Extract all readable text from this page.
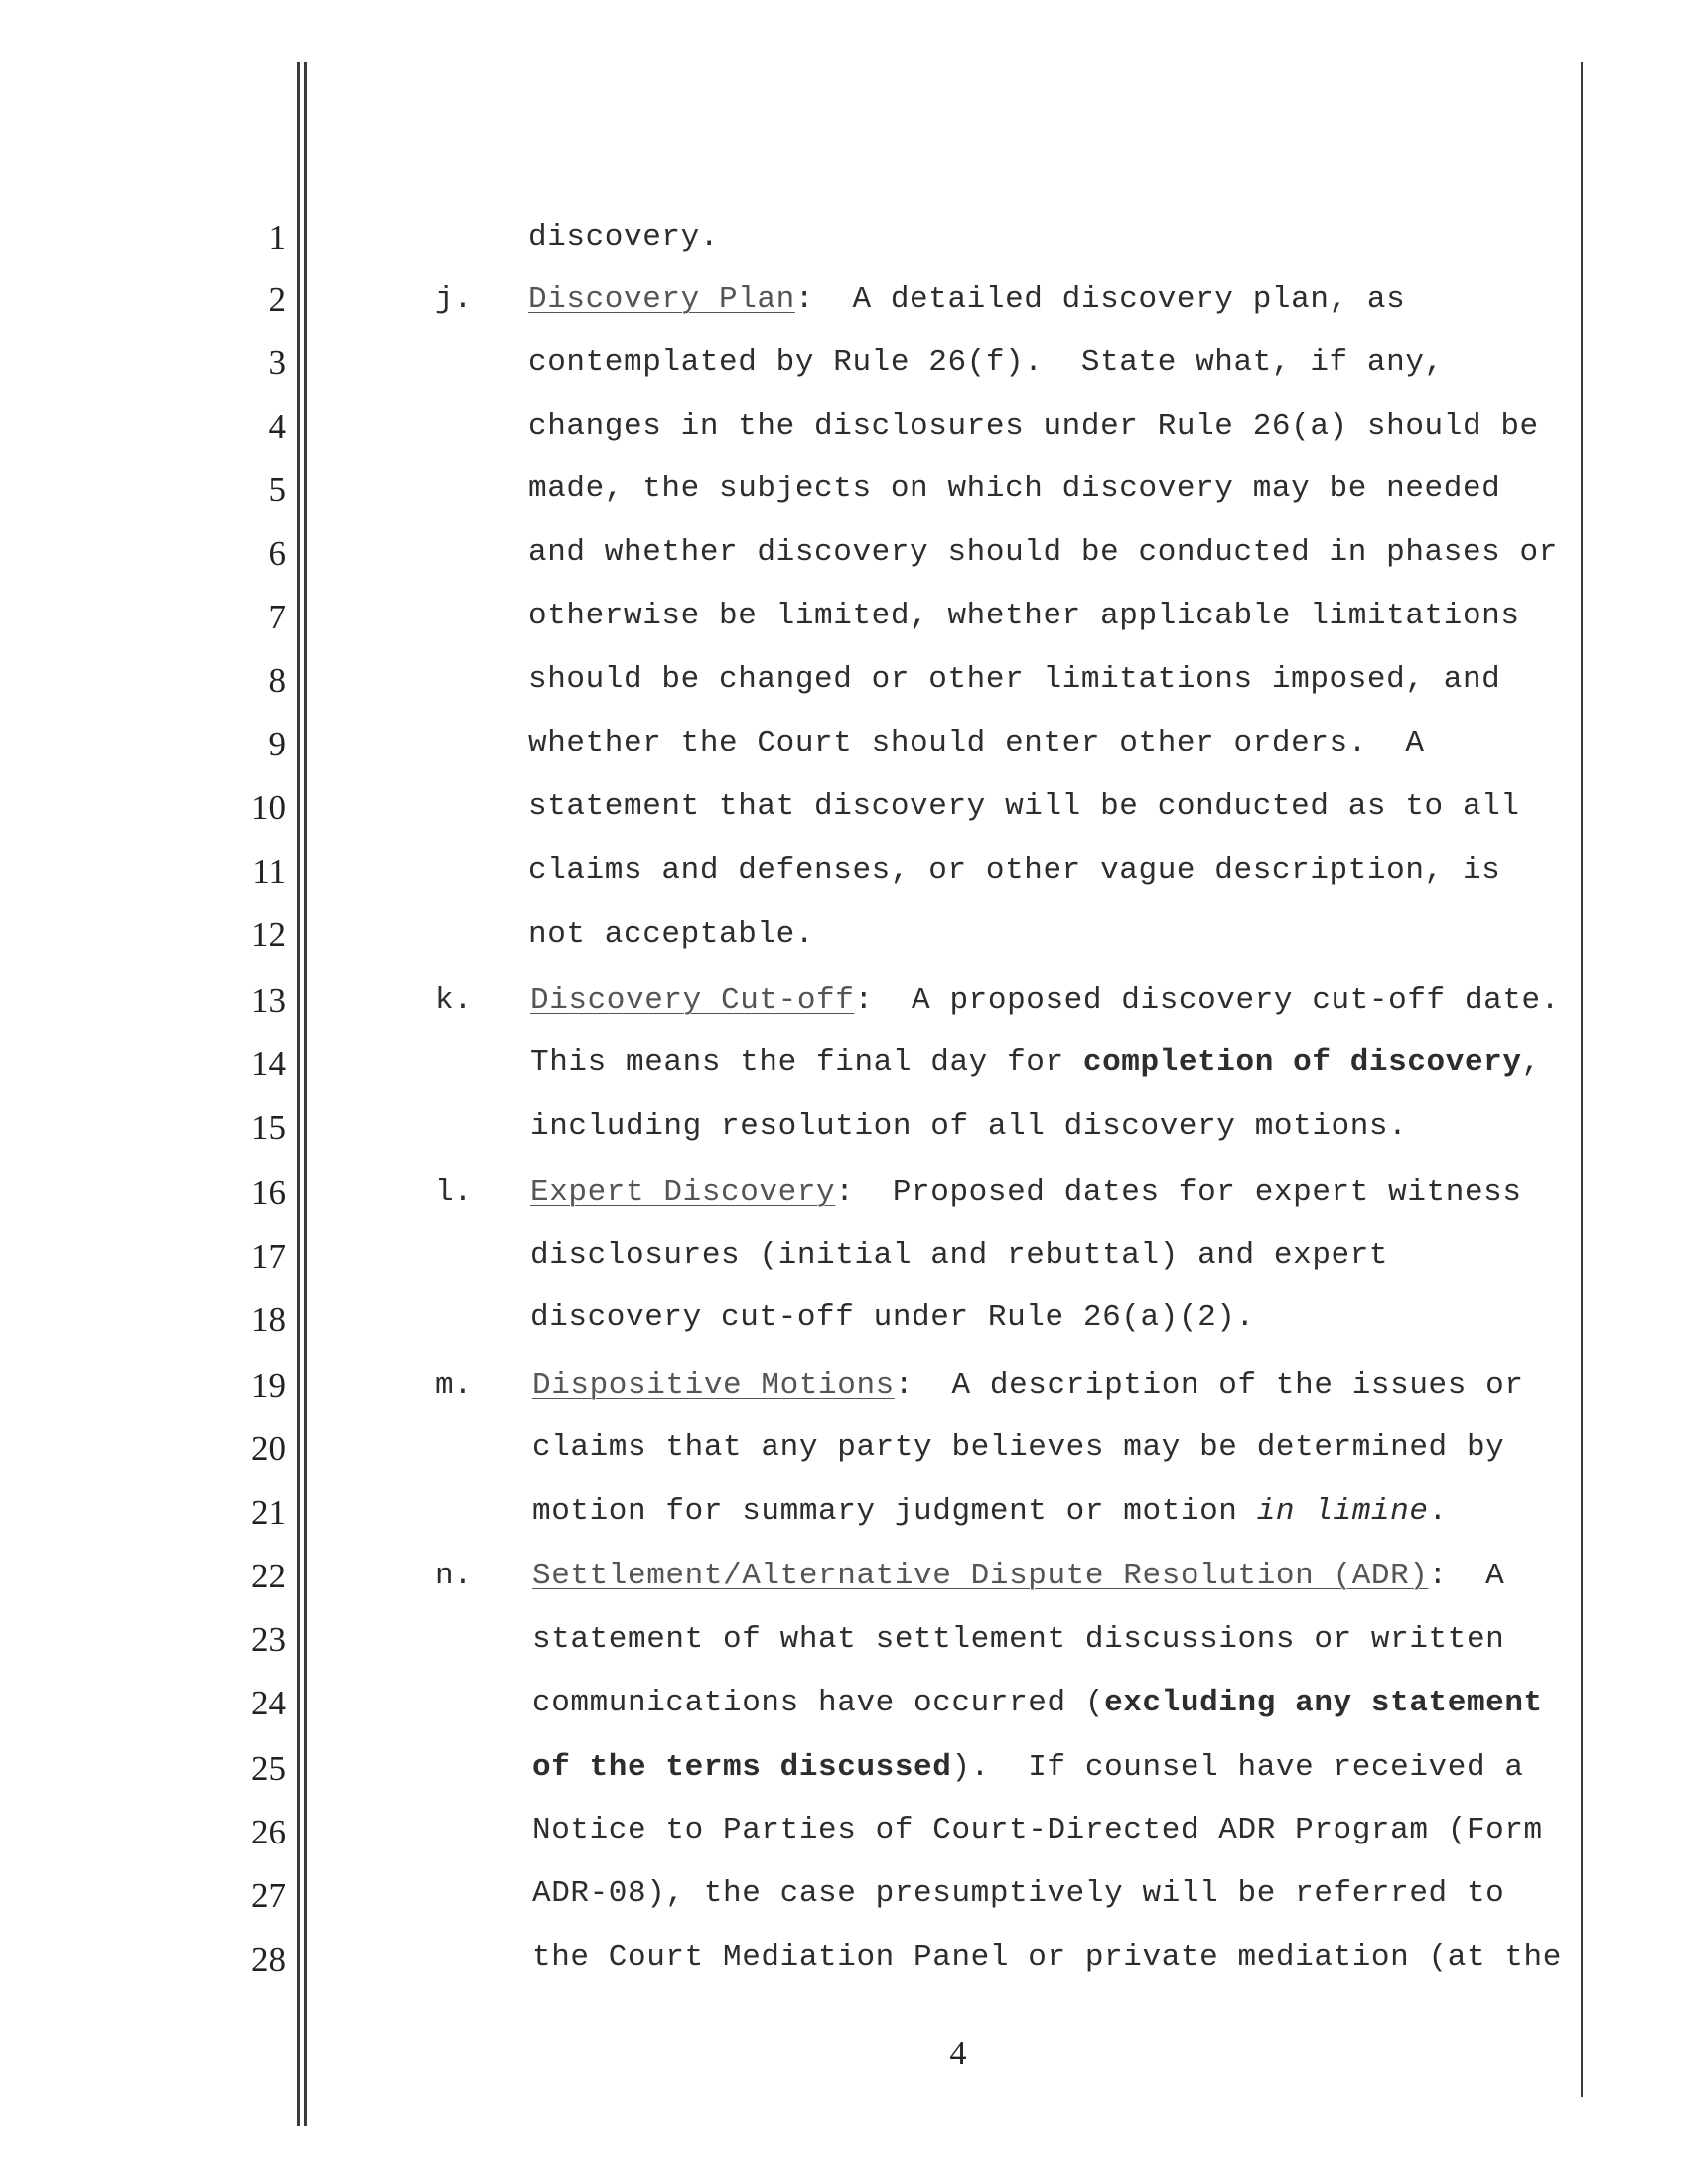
1
2
3
4
5
6
7
8
9
10
11
12
13
14
15
16
17
18
19
20
21
22
23
24
25
26
27
28
j.
k.
l.
m.
n.
discovery.
Discovery Plan:  A detailed discovery plan, as
contemplated by Rule 26(f).  State what, if any,
changes in the disclosures under Rule 26(a) should be
made, the subjects on which discovery may be needed
and whether discovery should be conducted in phases or
otherwise be limited, whether applicable limitations
should be changed or other limitations imposed, and
whether the Court should enter other orders.  A
statement that discovery will be conducted as to all
claims and defenses, or other vague description, is
not acceptable.
Discovery Cut-off:  A proposed discovery cut-off date.
This means the final day for completion of discovery,
including resolution of all discovery motions.
Expert Discovery:  Proposed dates for expert witness
disclosures (initial and rebuttal) and expert
discovery cut-off under Rule 26(a)(2).
Dispositive Motions:  A description of the issues or
claims that any party believes may be determined by
motion for summary judgment or motion in limine.
Settlement/Alternative Dispute Resolution (ADR):  A
statement of what settlement discussions or written
communications have occurred (excluding any statement
of the terms discussed).  If counsel have received a
Notice to Parties of Court-Directed ADR Program (Form
ADR-08), the case presumptively will be referred to
the Court Mediation Panel or private mediation (at the
4
